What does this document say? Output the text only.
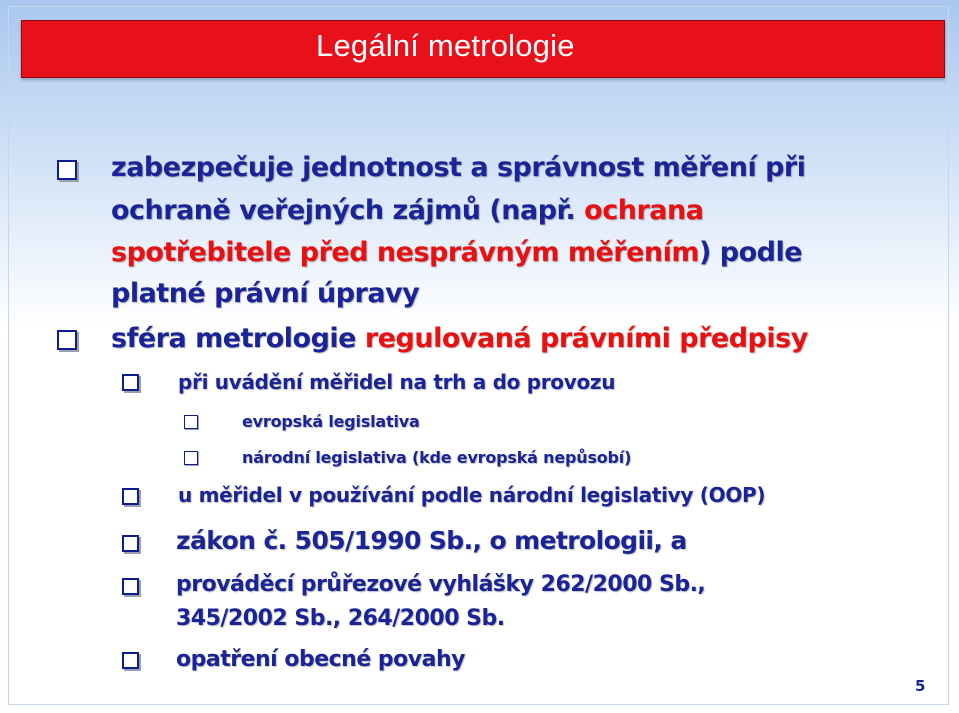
Legální metrologie
zabezpečuje jednotnost a správnost měření při
ochraně veřejných zájmů (např. ochrana
spotřebitele před nesprávným měřením) podle
platné právní úpravy
sféra metrologie regulovaná právními předpisy
při uvádění měřidel na trh a do provozu
evropská legislativa
národní legislativa (kde evropská nepůsobí)
u měřidel v používání podle národní legislativy (OOP)
zákon č. 505/1990 Sb., o metrologii, a
prováděcí průřezové vyhlášky 262/2000 Sb.,
345/2002 Sb., 264/2000 Sb.
opatření obecné povahy
5
